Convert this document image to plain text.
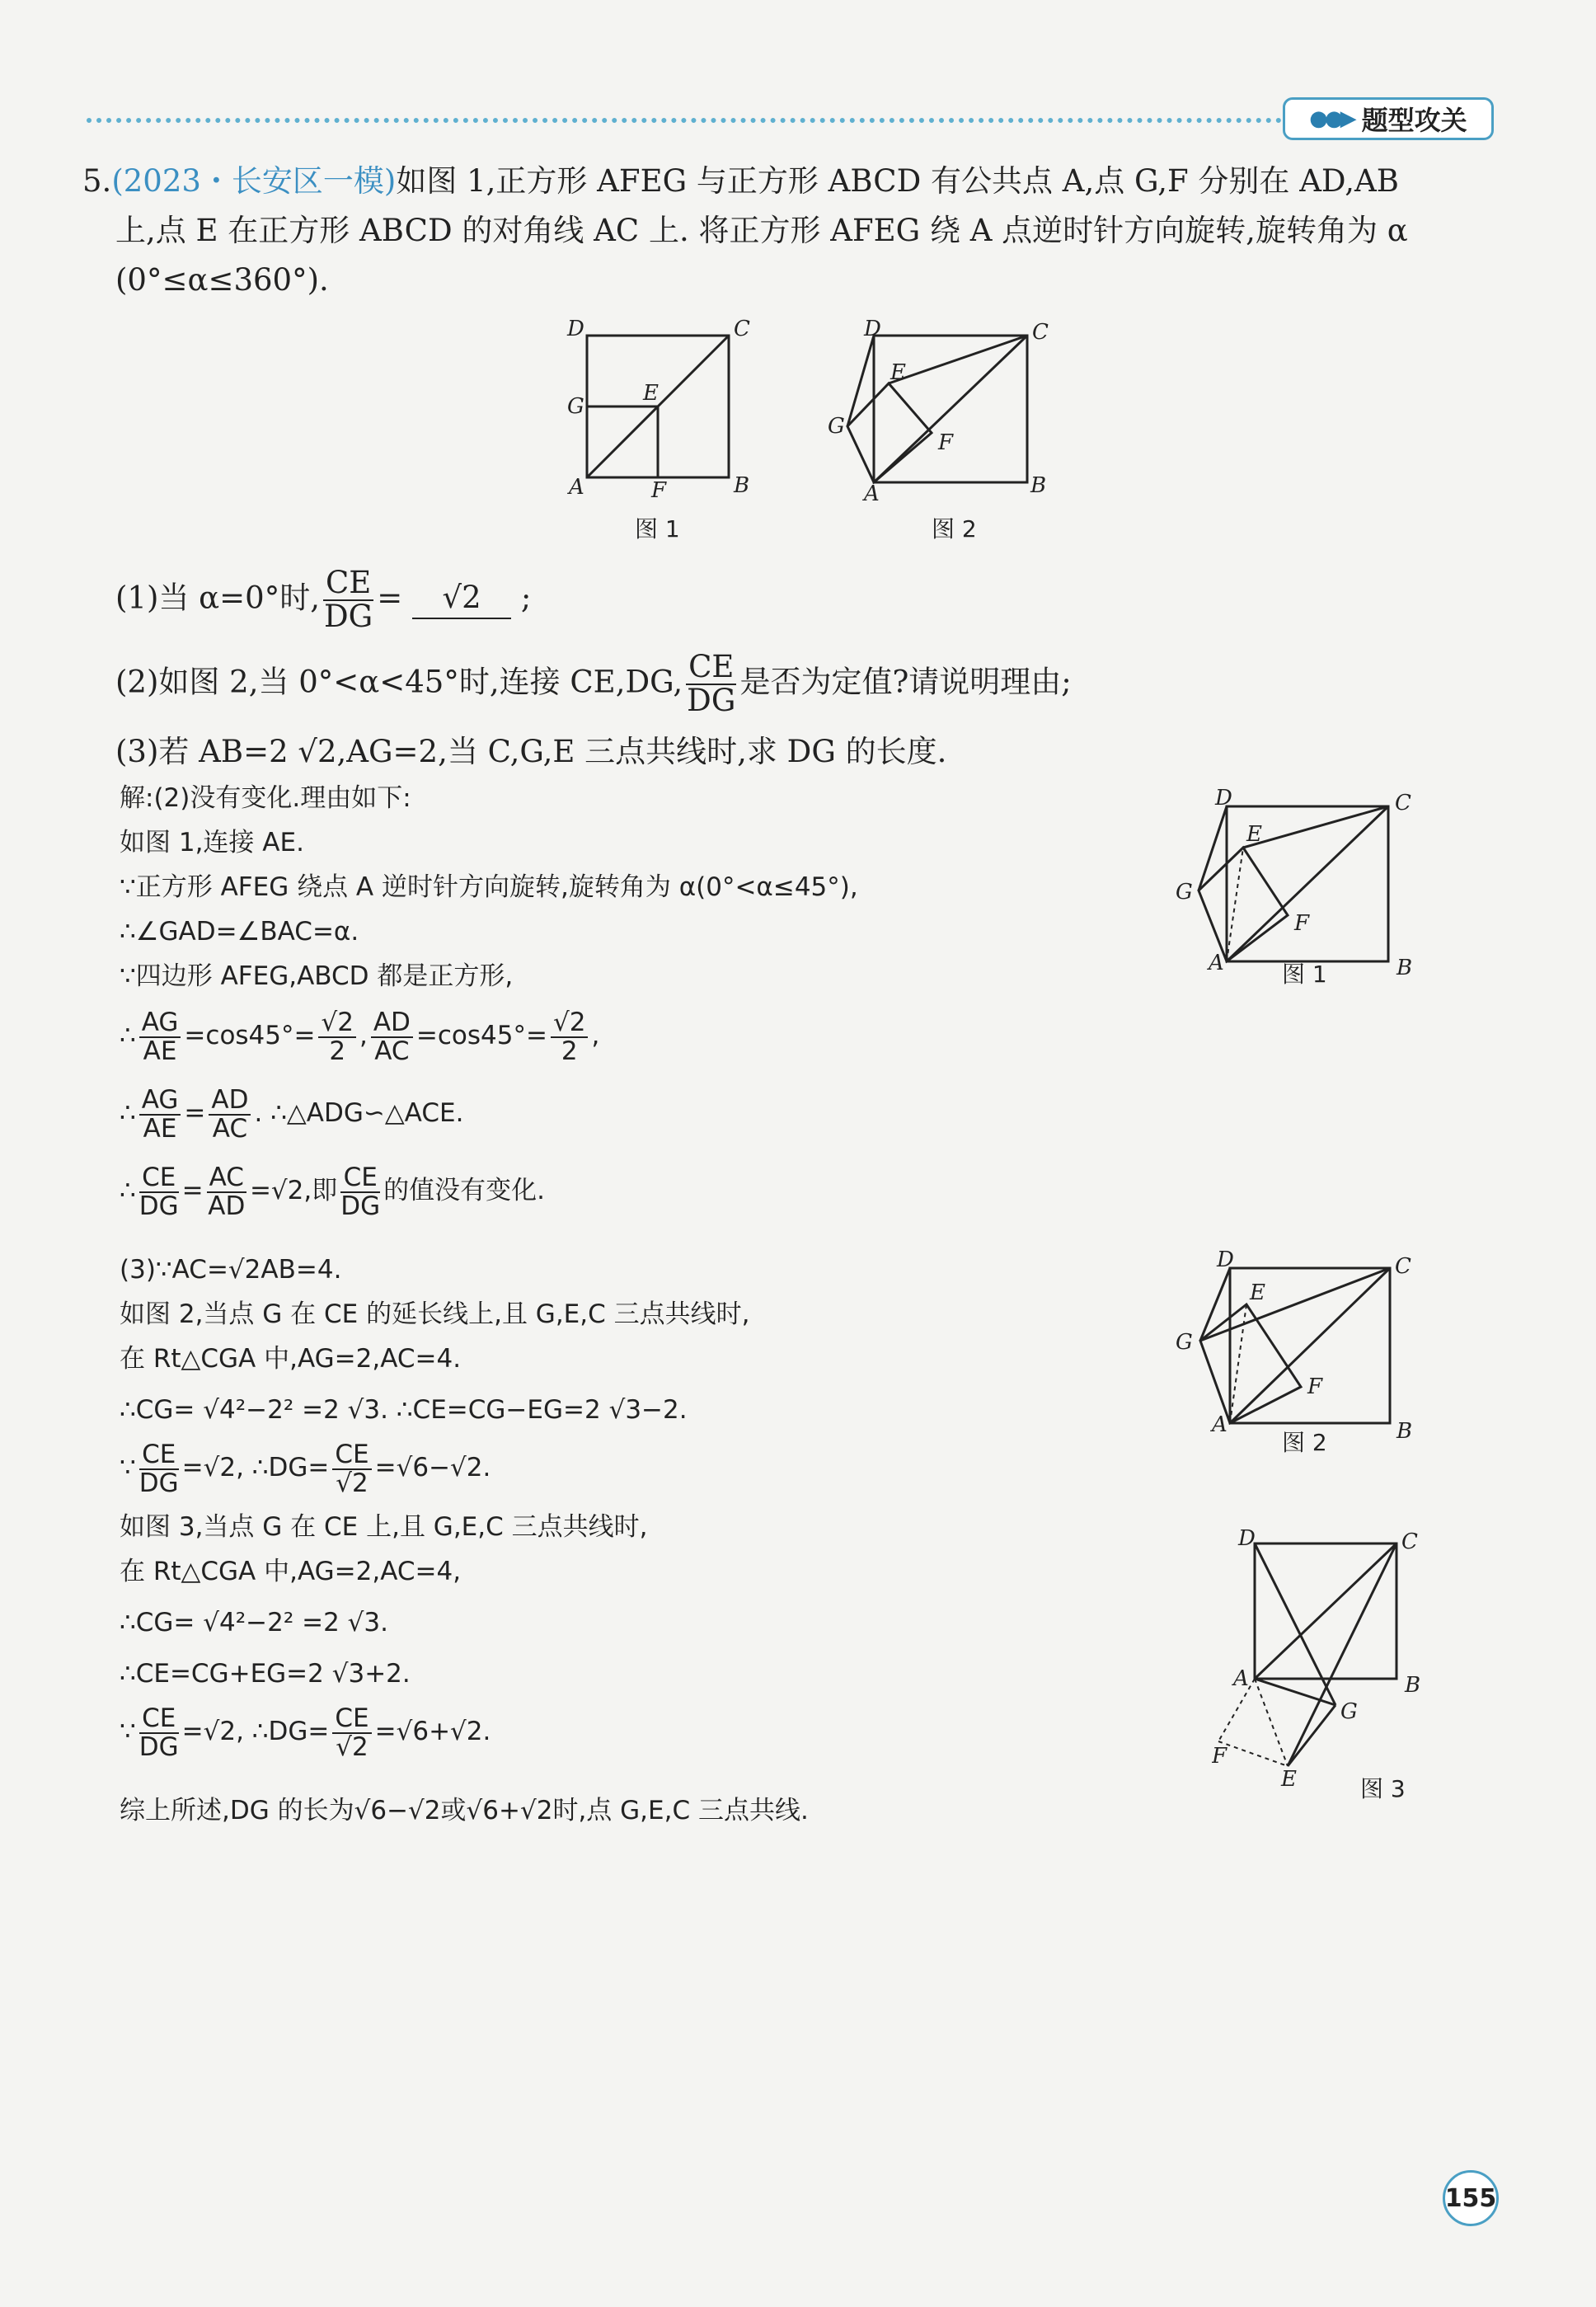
●●▶ 题型攻关
5.(2023・长安区一模)如图 1,正方形 AFEG 与正方形 ABCD 有公共点 A,点 G,F 分别在 AD,AB
上,点 E 在正方形 ABCD 的对角线 AC 上. 将正方形 AFEG 绕 A 点逆时针方向旋转,旋转角为 α
(0°≤α≤360°).
D	C
G
E
A	F	B
图 1
D	C
E
G
F
A	B
图 2
(1)当 α=0°时, $\frac{CE}{DG} = √2$ ;
(2)如图 2,当 0°<α<45°时,连接 CE,DG, $\frac{CE}{DG}$ 是否为定值?请说明理由;
(3)若 AB=2 √2,AG=2,当 C,G,E 三点共线时,求 DG 的长度.
解:(2)没有变化.理由如下:
如图 1,连接 AE.
∵正方形 AFEG 绕点 A 逆时针方向旋转,旋转角为 α(0°<α≤45°),
∴∠GAD=∠BAC=α.
∵四边形 AFEG,ABCD 都是正方形,
∴ $\frac{AG}{AE} =\cos 45^\circ= \frac{√2}{2}$ , $\frac{AD}{AC} =\cos 45^\circ= \frac{√2}{2}$ ,
∴ $\frac{AG}{AE} = \frac{AD}{AC}$ . ∴△ADG∽△ACE.
∴ $\frac{CE}{DG} = \frac{AC}{AD} =√2$,即 $\frac{CE}{DG}$ 的值没有变化.
(3)∵AC=√2AB=4.
如图 2,当点 G 在 CE 的延长线上,且 G,E,C 三点共线时,
在 Rt△CGA 中,AG=2,AC=4.
∴CG= √4²−2² =2 √3. ∴CE=CG−EG=2 √3−2.
∵ $\frac{CE}{DG} =√2$, ∴DG= $\frac{CE}{√2} =√6-√2$.
如图 3,当点 G 在 CE 上,且 G,E,C 三点共线时,
在 Rt△CGA 中,AG=2,AC=4,
∴CG= √4²−2² =2 √3.
∴CE=CG+EG=2 √3+2.
∵ $\frac{CE}{DG} =√2$, ∴DG= $\frac{CE}{√2} =√6+√2$.
综上所述,DG 的长为√6−√2或√6+√2时,点 G,E,C 三点共线.
D	C
E
G
F
A	B
图 1
D	C
E
G
F
A	B
图 2
D	C
A	B
G
F
E	图 3
155
